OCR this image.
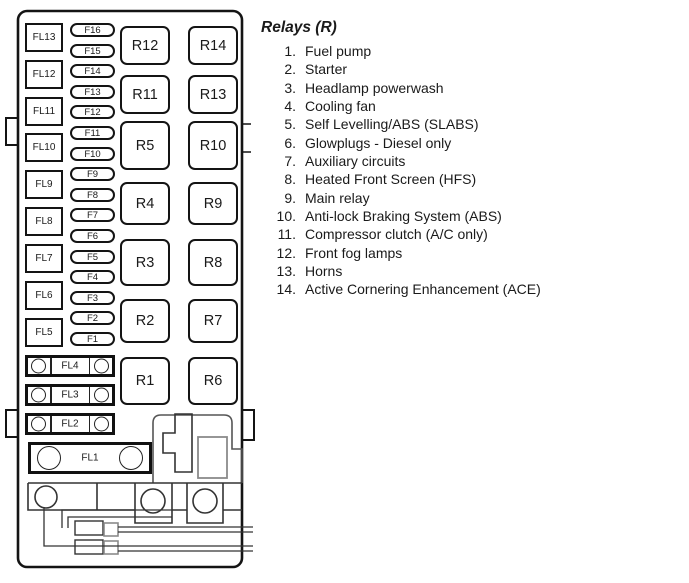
FL13
FL12
FL11
FL10
FL9
FL8
FL7
FL6
FL5
F16
F15
F14
F13
F12
F11
F10
F9
F8
F7
F6
F5
F4
F3
F2
F1
R12
R11
R5
R4
R3
R2
R1
R14
R13
R10
R9
R8
R7
R6
FL4
FL3
FL2
FL1
Relays (R)
1. Fuel pump
2. Starter
3. Headlamp powerwash
4. Cooling fan
5. Self Levelling/ABS (SLABS)
6. Glowplugs - Diesel only
7. Auxiliary circuits
8. Heated Front Screen (HFS)
9. Main relay
10. Anti-lock Braking System (ABS)
11. Compressor clutch (A/C only)
12. Front fog lamps
13. Horns
14. Active Cornering Enhancement (ACE)
